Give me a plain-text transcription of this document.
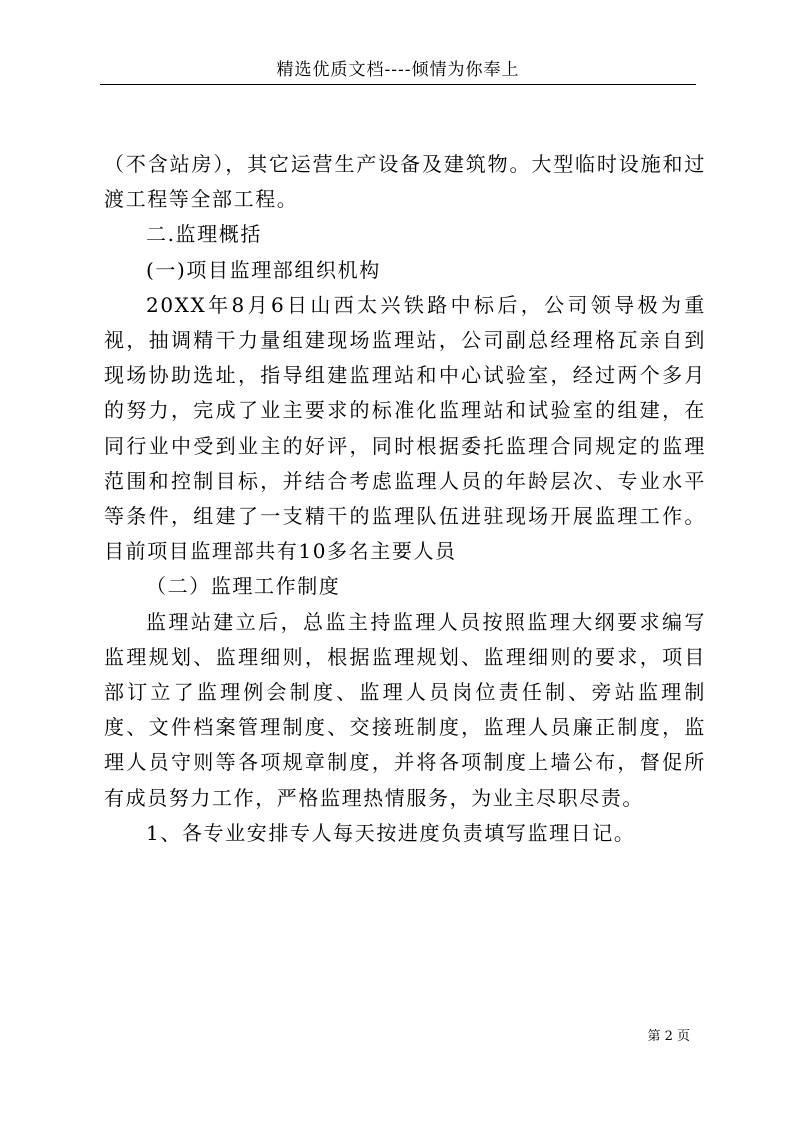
精选优质文档----倾情为你奉上

（不含站房），其它运营生产设备及建筑物。大型临时设施和过渡工程等全部工程。

二.监理概括

(一)项目监理部组织机构

20XX年8月6日山西太兴铁路中标后，公司领导极为重视，抽调精干力量组建现场监理站，公司副总经理格瓦亲自到现场协助选址，指导组建监理站和中心试验室，经过两个多月的努力，完成了业主要求的标准化监理站和试验室的组建，在同行业中受到业主的好评，同时根据委托监理合同规定的监理范围和控制目标，并结合考虑监理人员的年龄层次、专业水平等条件，组建了一支精干的监理队伍进驻现场开展监理工作。目前项目监理部共有10多名主要人员

（二）监理工作制度

监理站建立后，总监主持监理人员按照监理大纲要求编写监理规划、监理细则，根据监理规划、监理细则的要求，项目部订立了监理例会制度、监理人员岗位责任制、旁站监理制度、文件档案管理制度、交接班制度，监理人员廉正制度，监理人员守则等各项规章制度，并将各项制度上墙公布，督促所有成员努力工作，严格监理热情服务，为业主尽职尽责。

1、各专业安排专人每天按进度负责填写监理日记。

第 2 页
